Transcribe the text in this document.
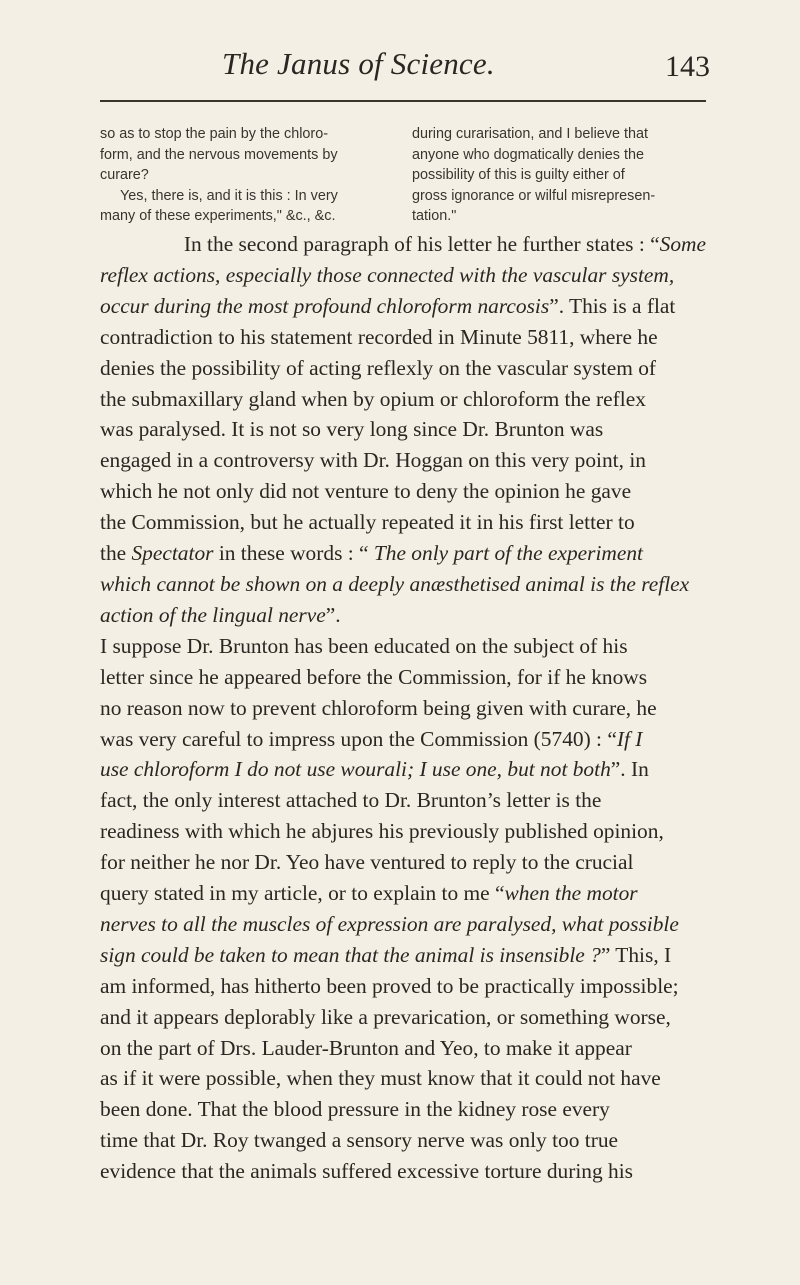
The Janus of Science.	143
so as to stop the pain by the chloro-
form, and the nervous movements by
curare?
Yes, there is, and it is this : In very
many of these experiments," &c., &c.
during curarisation, and I believe that
anyone who dogmatically denies the
possibility of this is guilty either of
gross ignorance or wilful misrepresen-
tation."
In the second paragraph of his letter he further states : “Some
reflex actions, especially those connected with the vascular system,
occur during the most profound chloroform narcosis”. This is a flat
contradiction to his statement recorded in Minute 5811, where he
denies the possibility of acting reflexly on the vascular system of
the submaxillary gland when by opium or chloroform the reflex
was paralysed. It is not so very long since Dr. Brunton was
engaged in a controversy with Dr. Hoggan on this very point, in
which he not only did not venture to deny the opinion he gave
the Commission, but he actually repeated it in his first letter to
the Spectator in these words : “ The only part of the experiment
which cannot be shown on a deeply anæsthetised animal is the reflex
action of the lingual nerve”.
I suppose Dr. Brunton has been educated on the subject of his
letter since he appeared before the Commission, for if he knows
no reason now to prevent chloroform being given with curare, he
was very careful to impress upon the Commission (5740) : “If I
use chloroform I do not use wourali; I use one, but not both”. In
fact, the only interest attached to Dr. Brunton’s letter is the
readiness with which he abjures his previously published opinion,
for neither he nor Dr. Yeo have ventured to reply to the crucial
query stated in my article, or to explain to me “when the motor
nerves to all the muscles of expression are paralysed, what possible
sign could be taken to mean that the animal is insensible ?” This, I
am informed, has hitherto been proved to be practically impossible;
and it appears deplorably like a prevarication, or something worse,
on the part of Drs. Lauder-Brunton and Yeo, to make it appear
as if it were possible, when they must know that it could not have
been done. That the blood pressure in the kidney rose every
time that Dr. Roy twanged a sensory nerve was only too true
evidence that the animals suffered excessive torture during his
